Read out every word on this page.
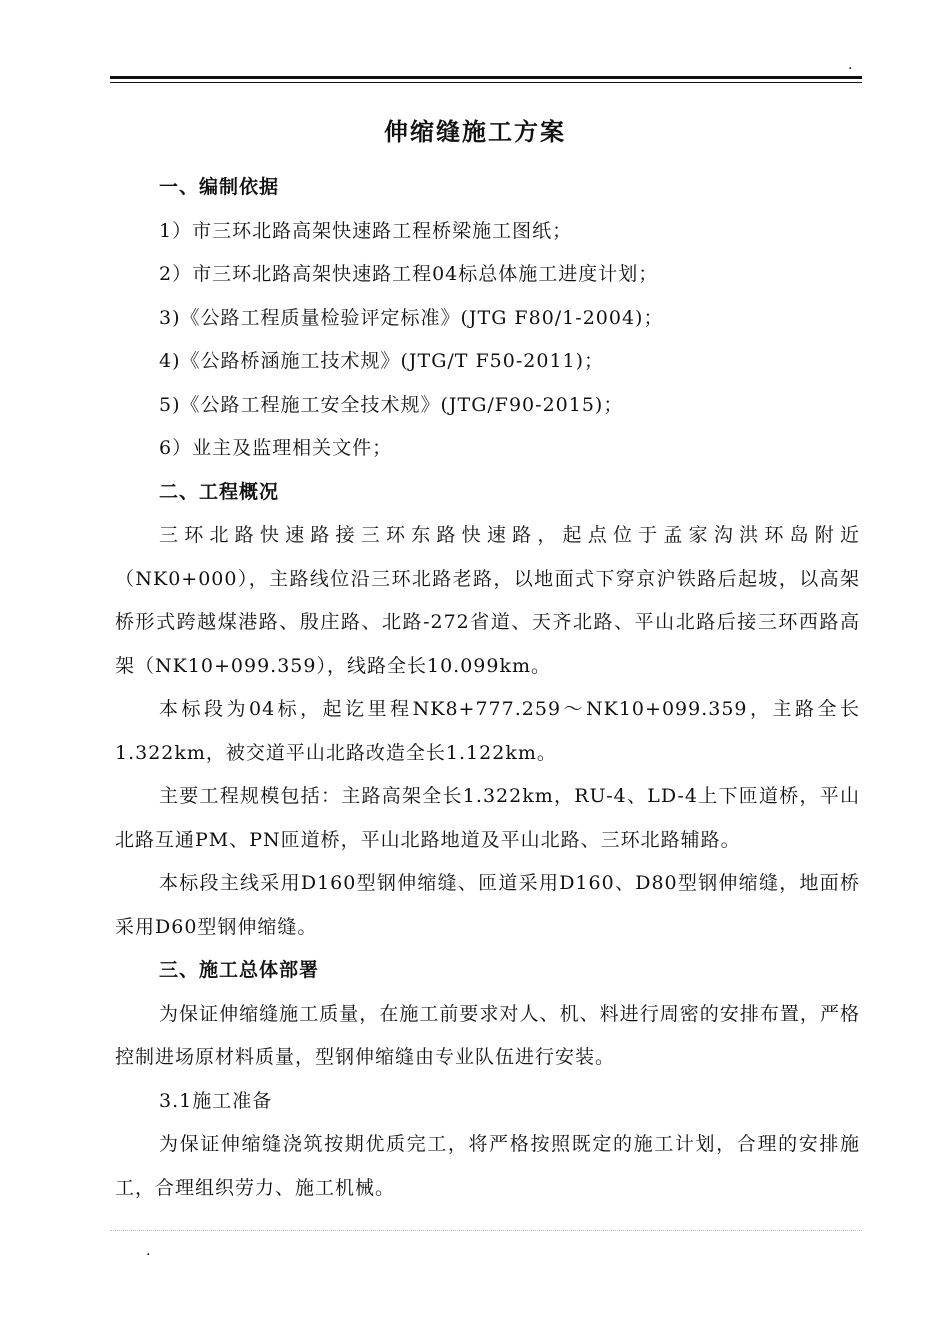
.
伸缩缝施工方案

一、编制依据

1）市三环北路高架快速路工程桥梁施工图纸；

2）市三环北路高架快速路工程04标总体施工进度计划；

3)《公路工程质量检验评定标准》(JTG F80/1-2004)；

4)《公路桥涵施工技术规》(JTG/T F50-2011)；

5)《公路工程施工安全技术规》(JTG/F90-2015)；

6）业主及监理相关文件；

二、工程概况

三环北路快速路接三环东路快速路，起点位于孟家沟洪环岛附近（NK0+000），主路线位沿三环北路老路，以地面式下穿京沪铁路后起坡，以高架桥形式跨越煤港路、殷庄路、北路-272省道、天齐北路、平山北路后接三环西路高架（NK10+099.359），线路全长10.099km。

本标段为04标，起讫里程NK8+777.259～NK10+099.359，主路全长1.322km，被交道平山北路改造全长1.122km。

主要工程规模包括：主路高架全长1.322km，RU-4、LD-4上下匝道桥，平山北路互通PM、PN匝道桥，平山北路地道及平山北路、三环北路辅路。

本标段主线采用D160型钢伸缩缝、匝道采用D160、D80型钢伸缩缝，地面桥采用D60型钢伸缩缝。

三、施工总体部署

为保证伸缩缝施工质量，在施工前要求对人、机、料进行周密的安排布置，严格控制进场原材料质量，型钢伸缩缝由专业队伍进行安装。

3.1施工准备

为保证伸缩缝浇筑按期优质完工，将严格按照既定的施工计划，合理的安排施工，合理组织劳力、施工机械。

.
